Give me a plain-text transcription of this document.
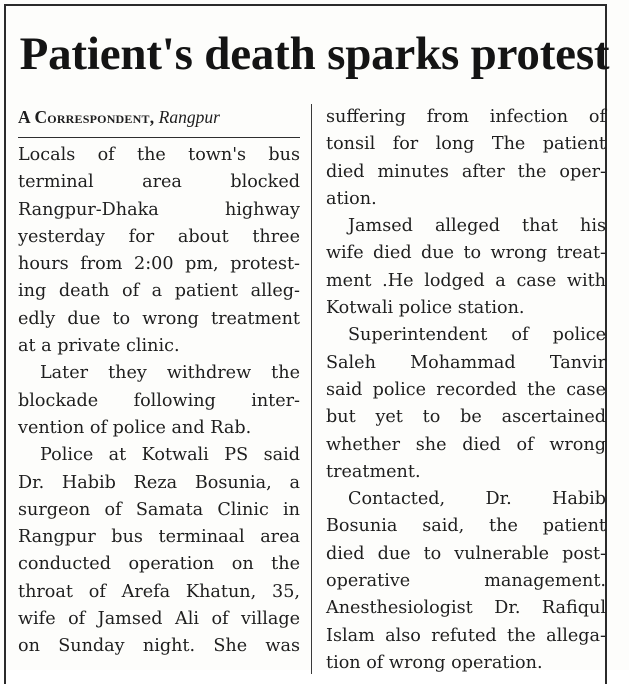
Patient's death sparks protest
A Correspondent, Rangpur
Locals of the town's bus
terminal area blocked
Rangpur-Dhaka highway
yesterday for about three
hours from 2:00 pm, protest-
ing death of a patient alleg-
edly due to wrong treatment
at a private clinic.
Later they withdrew the
blockade following inter-
vention of police and Rab.
Police at Kotwali PS said
Dr. Habib Reza Bosunia, a
surgeon of Samata Clinic in
Rangpur bus terminaal area
conducted operation on the
throat of Arefa Khatun, 35,
wife of Jamsed Ali of village
on Sunday night. She was
suffering from infection of
tonsil for long The patient
died minutes after the oper-
ation.
Jamsed alleged that his
wife died due to wrong treat-
ment .He lodged a case with
Kotwali police station.
Superintendent of police
Saleh Mohammad Tanvir
said police recorded the case
but yet to be ascertained
whether she died of wrong
treatment.
Contacted, Dr. Habib
Bosunia said, the patient
died due to vulnerable post-
operative management.
Anesthesiologist Dr. Rafiqul
Islam also refuted the allega-
tion of wrong operation.
